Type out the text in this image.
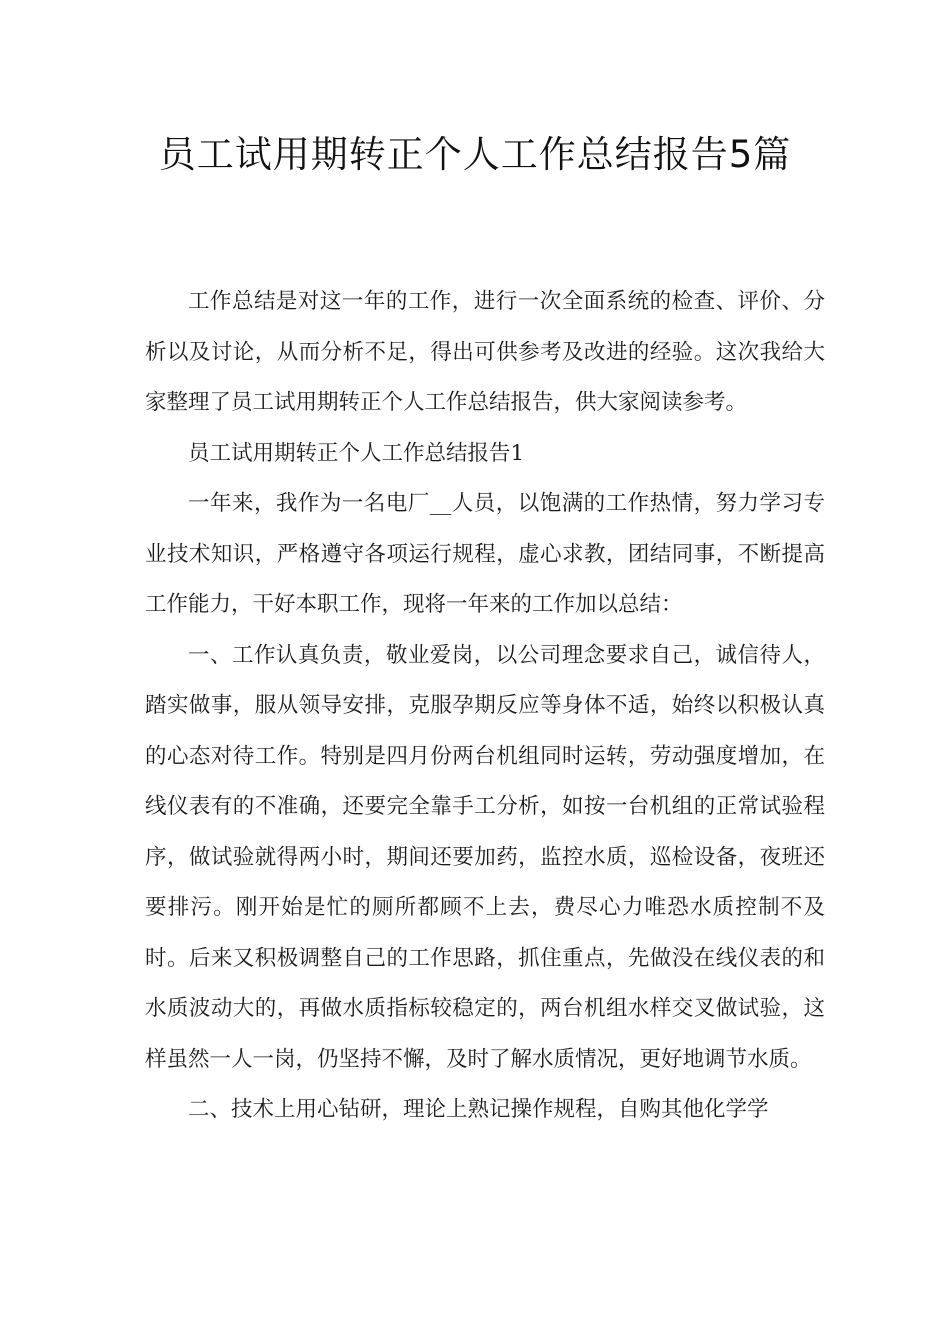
员工试用期转正个人工作总结报告5篇

工作总结是对这一年的工作，进行一次全面系统的检查、评价、分析以及讨论，从而分析不足，得出可供参考及改进的经验。这次我给大家整理了员工试用期转正个人工作总结报告，供大家阅读参考。

员工试用期转正个人工作总结报告1

一年来，我作为一名电厂__人员，以饱满的工作热情，努力学习专业技术知识，严格遵守各项运行规程，虚心求教，团结同事，不断提高工作能力，干好本职工作，现将一年来的工作加以总结：

一、工作认真负责，敬业爱岗，以公司理念要求自己，诚信待人，踏实做事，服从领导安排，克服孕期反应等身体不适，始终以积极认真的心态对待工作。特别是四月份两台机组同时运转，劳动强度增加，在线仪表有的不准确，还要完全靠手工分析，如按一台机组的正常试验程序，做试验就得两小时，期间还要加药，监控水质，巡检设备，夜班还要排污。刚开始是忙的厕所都顾不上去，费尽心力唯恐水质控制不及时。后来又积极调整自己的工作思路，抓住重点，先做没在线仪表的和水质波动大的，再做水质指标较稳定的，两台机组水样交叉做试验，这样虽然一人一岗，仍坚持不懈，及时了解水质情况，更好地调节水质。

二、技术上用心钻研，理论上熟记操作规程，自购其他化学学
